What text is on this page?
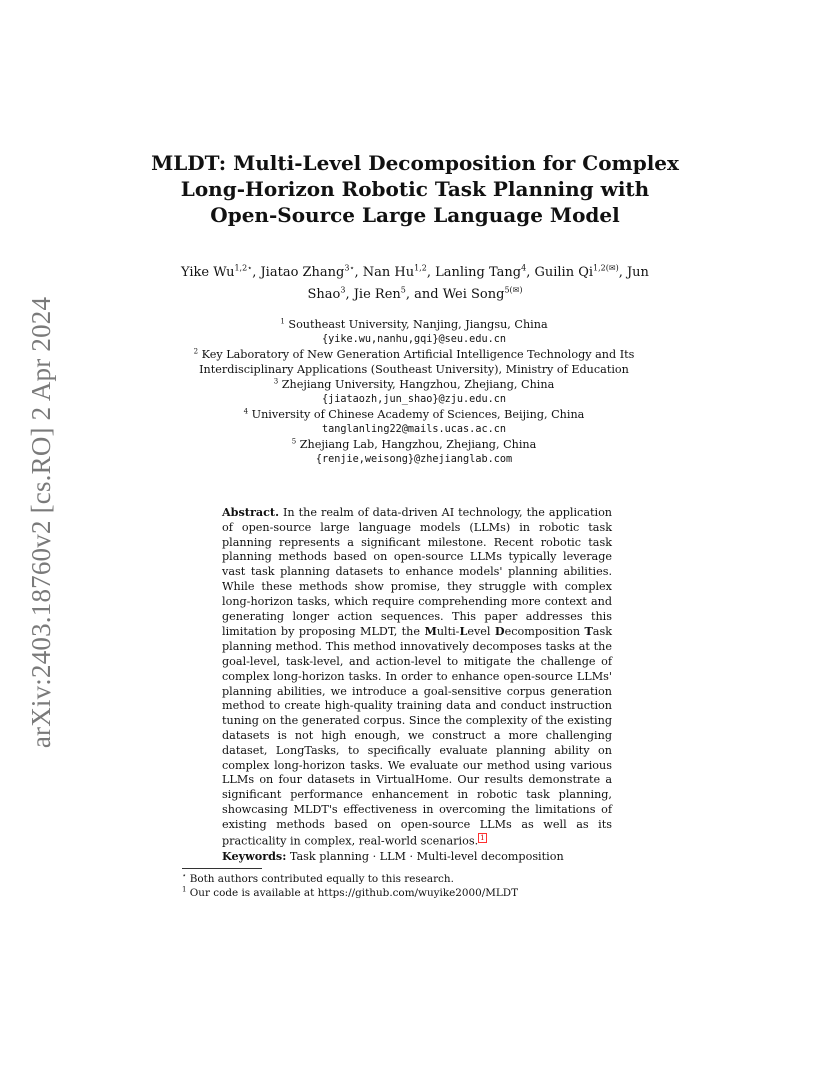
arXiv:2403.18760v2 [cs.RO] 2 Apr 2024
MLDT: Multi-Level Decomposition for Complex
Long-Horizon Robotic Task Planning with
Open-Source Large Language Model
Yike $Wu^{1,2⋆}$, Jiatao Zhang$^{3⋆}$, Nan Hu$^{1,2}$, Lanling Tang$^4$, Guilin $Qi^{1,2(✉)}$, Jun Shao$^3$, Jie Ren$^5$, and Wei Song$^{5(✉)}$
$^1$ Southeast University, Nanjing, Jiangsu, China
{yike.wu,nanhu,gqi}@seu.edu.cn
$^2$ Key Laboratory of New Generation Artificial Intelligence Technology and Its
Interdisciplinary Applications (Southeast University), Ministry of Education
$^3$ Zhejiang University, Hangzhou, Zhejiang, China
{jiataozh,jun_shao}@zju.edu.cn
$^4$ University of Chinese Academy of Sciences, Beijing, China
tanglanling22@mails.ucas.ac.cn
$^5$ Zhejiang Lab, Hangzhou, Zhejiang, China
{renjie,weisong}@zhejianglab.com
Abstract. In the realm of data-driven AI technology, the application of open-source large language models (LLMs) in robotic task planning represents a significant milestone. Recent robotic task planning methods based on open-source LLMs typically leverage vast task planning datasets to enhance models' planning abilities. While these methods show promise, they struggle with complex long-horizon tasks, which require comprehending more context and generating longer action sequences. This paper addresses this limitation by proposing MLDT, the Multi-Level Decomposition Task planning method. This method innovatively decomposes tasks at the goal-level, task-level, and action-level to mitigate the challenge of complex long-horizon tasks. In order to enhance open-source LLMs' planning abilities, we introduce a goal-sensitive corpus generation method to create high-quality training data and conduct instruction tuning on the generated corpus. Since the complexity of the existing datasets is not high enough, we construct a more challenging dataset, LongTasks, to specifically evaluate planning ability on complex long-horizon tasks. We evaluate our method using various LLMs on four datasets in VirtualHome. Our results demonstrate a significant performance enhancement in robotic task planning, showcasing MLDT's effectiveness in overcoming the limitations of existing methods based on open-source LLMs as well as its practicality in complex, real-world scenarios. 1
Keywords: Task planning · LLM · Multi-level decomposition
⋆ Both authors contributed equally to this research.
$^1$ Our code is available at https://github.com/wuyike2000/MLDT
